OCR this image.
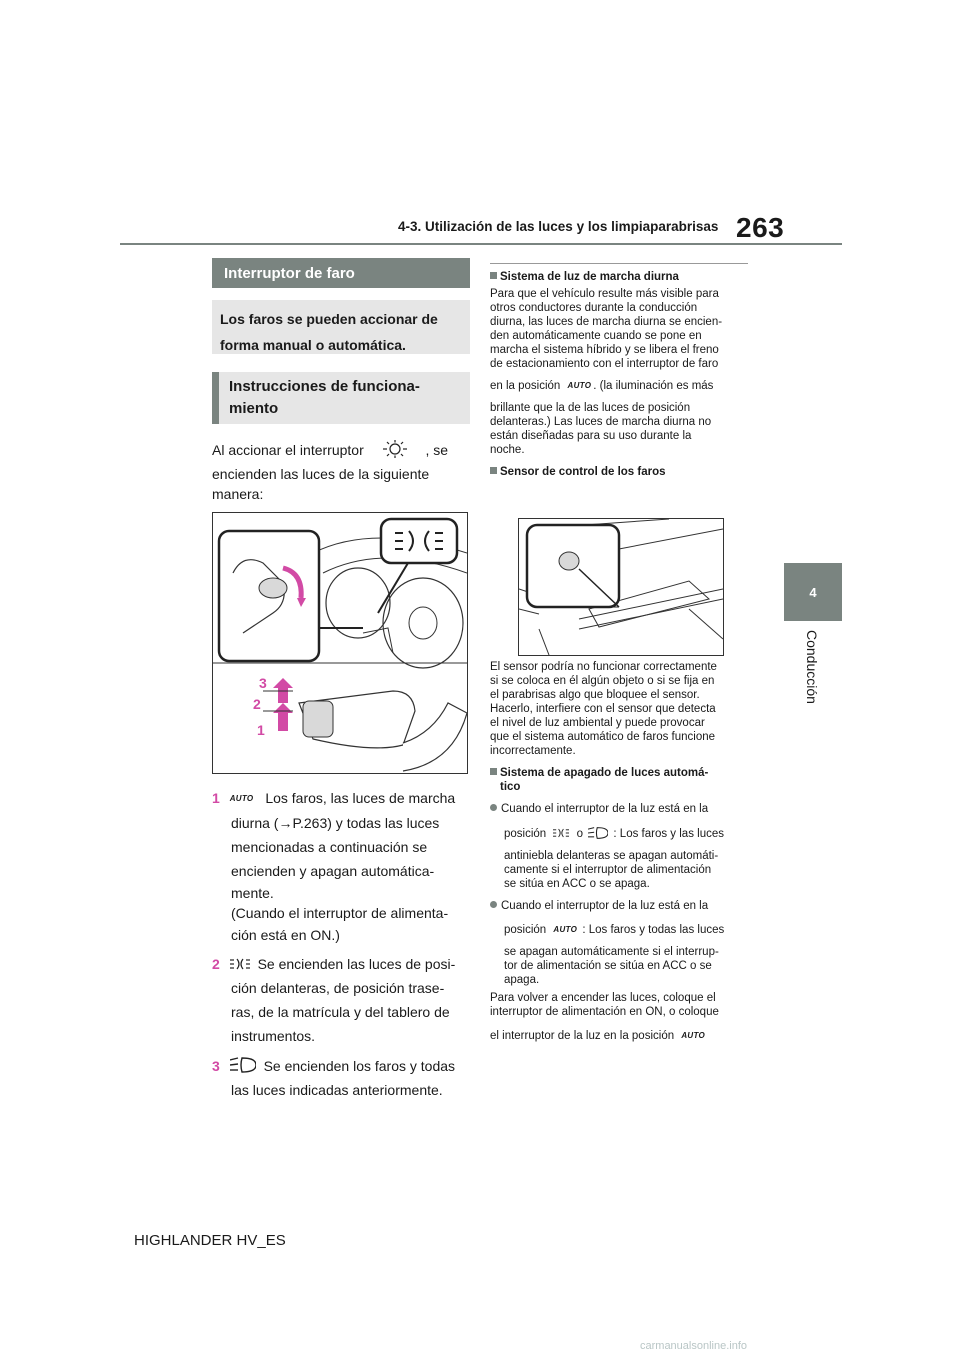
4-3. Utilización de las luces y los limpiaparabrisas 263
4
Conducción
Interruptor de faro
Los faros se pueden accionar de
forma manual o automática.
Instrucciones de funciona-
miento
Al accionar el interruptor	, se
encienden las luces de la siguiente
manera:
3
2
1
1 AUTO Los faros, las luces de marcha
diurna (→P.263) y todas las luces
mencionadas a continuación se
encienden y apagan automática-
mente.
(Cuando el interruptor de alimenta-
ción está en ON.)
2	Se encienden las luces de posi-
ción delanteras, de posición trase-
ras, de la matrícula y del tablero de
instrumentos.
3	Se encienden los faros y todas
las luces indicadas anteriormente.
Sistema de luz de marcha diurna
Para que el vehículo resulte más visible para
otros conductores durante la conducción
diurna, las luces de marcha diurna se encien-
den automáticamente cuando se pone en
marcha el sistema híbrido y se libera el freno
de estacionamiento con el interruptor de faro
en la posición AUTO . (la iluminación es más
brillante que la de las luces de posición
delanteras.) Las luces de marcha diurna no
están diseñadas para su uso durante la
noche.
Sensor de control de los faros
El sensor podría no funcionar correctamente
si se coloca en él algún objeto o si se fija en
el parabrisas algo que bloquee el sensor.
Hacerlo, interfiere con el sensor que detecta
el nivel de luz ambiental y puede provocar
que el sistema automático de faros funcione
incorrectamente.
Sistema de apagado de luces automá-
tico
Cuando el interruptor de la luz está en la
posición	o	: Los faros y las luces
antiniebla delanteras se apagan automáti-
camente si el interruptor de alimentación
se sitúa en ACC o se apaga.
Cuando el interruptor de la luz está en la
posición AUTO : Los faros y todas las luces
se apagan automáticamente si el interrup-
tor de alimentación se sitúa en ACC o se
apaga.
Para volver a encender las luces, coloque el
interruptor de alimentación en ON, o coloque
el interruptor de la luz en la posición AUTO
HIGHLANDER HV_ES
carmanualsonline.info
